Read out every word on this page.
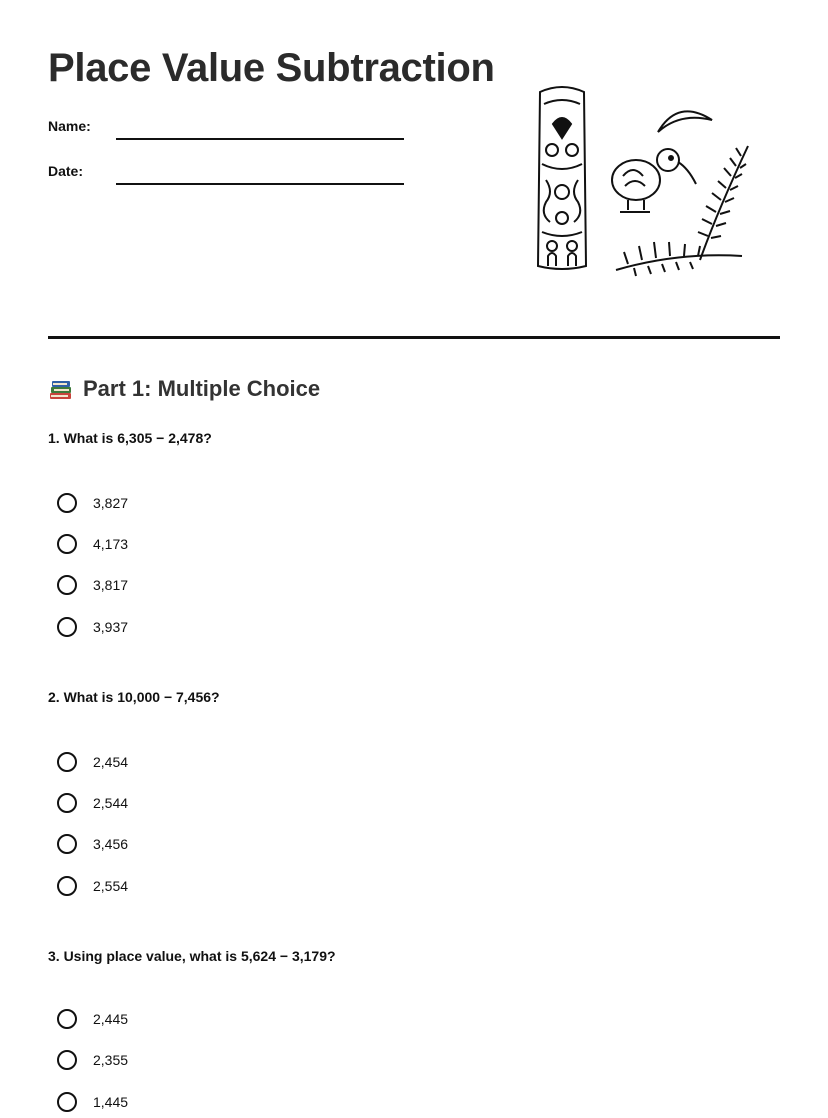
Place Value Subtraction
Name:
Date:
Part 1: Multiple Choice
1. What is 6,305 − 2,478?
3,827
4,173
3,817
3,937
2. What is 10,000 − 7,456?
2,454
2,544
3,456
2,554
3. Using place value, what is 5,624 − 3,179?
2,445
2,355
1,445
